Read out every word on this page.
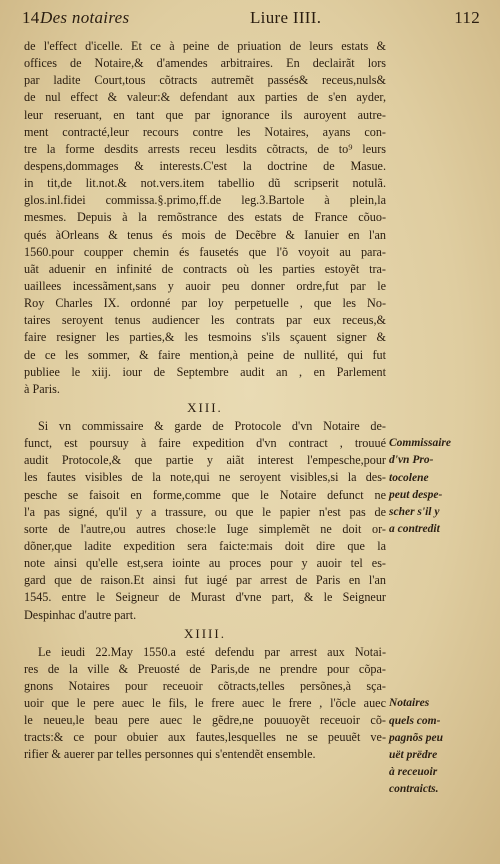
14 Des notaires	Liure IIII.	112
de l'effect d'icelle. Et ce à peine de priuation de leurs estats &
offices de Notaire,& d'amendes arbitraires. En declairãt lors
par ladite Court,tous cõtracts autremẽt passés& receus,nuls&
de nul effect & valeur:& defendant aux parties de s'en ayder,
leur reseruant, en tant que par ignorance ils auroyent autre-
ment contracté,leur recours contre les Notaires, ayans con-
tre la forme desdits arrests receu lesdits cõtracts, de to⁹ leurs
despens,dommages & interests.C'est la doctrine de Masue.
in tit,de lit.not.& not.vers.item tabellio dũ scripserit notulã.
glos.inl.fidei commissa.§.primo,ff.de leg.3.Bartole à plein,la
mesmes. Depuis à la remõstrance des estats de France cõuo-
qués àOrleans & tenus és mois de Decẽbre & Ianuier en l'an
1560.pour coupper chemin és fausetés que l'õ voyoit au para-
uãt aduenir en infinité de contracts où les parties estoyẽt tra-
uaillees incessãment,sans y auoir peu donner ordre,fut par le
Roy Charles IX. ordonné par loy perpetuelle , que les No-
taires seroyent tenus audiencer les contrats par eux receus,&
faire resigner les parties,& les tesmoins s'ils sçauent signer &
de ce les sommer, & faire mention,à peine de nullité, qui fut
publiee le xiij. iour de Septembre audit an , en Parlement
à Paris.
XIII.
Si vn commissaire & garde de Protocole d'vn Notaire de-
funct, est poursuy à faire expedition d'vn contract , trouué
audit Protocole,& que partie y aiãt interest l'empesche,pour
les fautes visibles de la note,qui ne seroyent visibles,si la des-
pesche se faisoit en forme,comme que le Notaire defunct ne
l'a pas signé, qu'il y a trassure, ou que le papier n'est pas de
sorte de l'autre,ou autres chose:le Iuge simplemẽt ne doit or-
dõner,que ladite expedition sera faicte:mais doit dire que la
note ainsi qu'elle est,sera iointe au proces pour y auoir tel es-
gard que de raison.Et ainsi fut iugé par arrest de Paris en l'an
1545. entre le Seigneur de Murast d'vne part, & le Seigneur
Despinhac d'autre part.
XIIII.
Le ieudi 22.May 1550.a esté defendu par arrest aux Notai-
res de la ville & Preuosté de Paris,de ne prendre pour cõpa-
gnons Notaires pour receuoir cõtracts,telles persõnes,à sça-
uoir que le pere auec le fils, le frere auec le frere , l'õcle auec
le neueu,le beau pere auec le gẽdre,ne pouuoyẽt receuoir cõ-
tracts:& ce pour obuier aux fautes,lesquelles ne se peuuẽt ve-
rifier & auerer par telles personnes qui s'entendẽt ensemble.
Commissaire
d'vn Pro-
tocolene
peut despe-
scher s'il y
a contredit
Notaires
quels com-
pagnõs peu
uët prëdre
à receuoir
contraicts.
